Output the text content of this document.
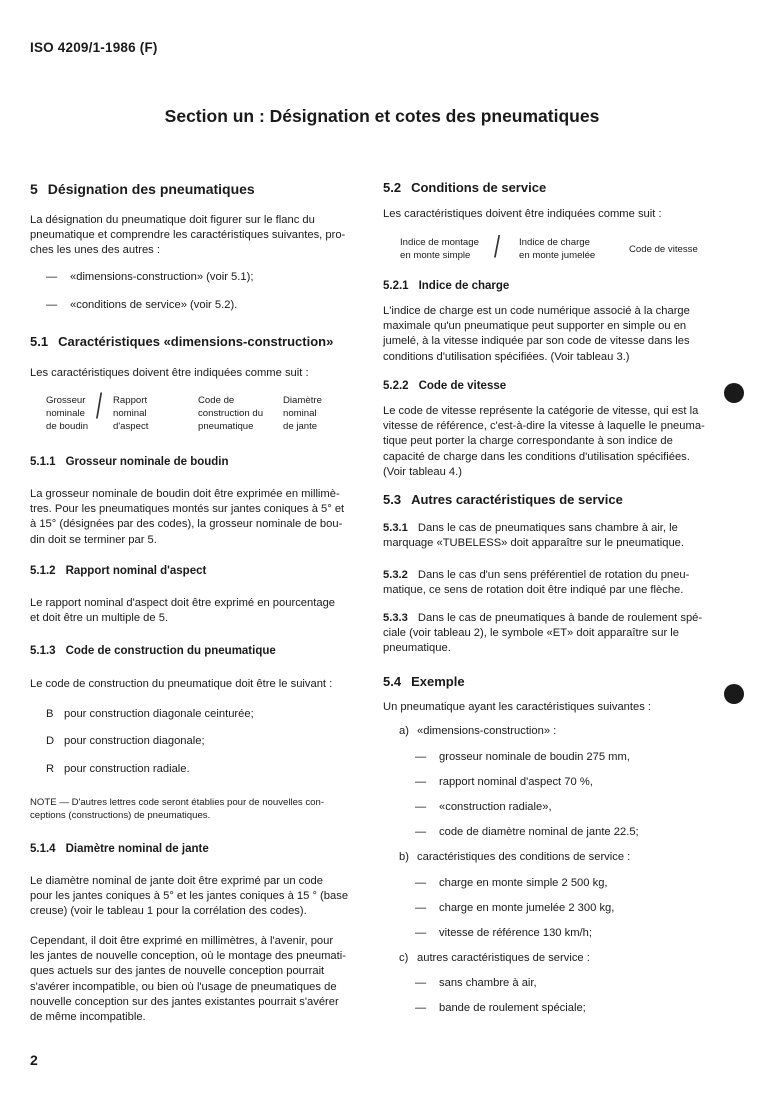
ISO 4209/1-1986 (F)
Section un : Désignation et cotes des pneumatiques
5 Désignation des pneumatiques
La désignation du pneumatique doit figurer sur le flanc du
pneumatique et comprendre les caractéristiques suivantes, pro-
ches les unes des autres :
— «dimensions-construction» (voir 5.1);
— «conditions de service» (voir 5.2).
5.1 Caractéristiques «dimensions-construction»
Les caractéristiques doivent être indiquées comme suit :
Grosseur
nominale
de boudin
/ Rapport
nominal
d'aspect
Code de
construction du
pneumatique
Diamètre
nominal
de jante
5.1.1 Grosseur nominale de boudin
La grosseur nominale de boudin doit être exprimée en millimè-
tres. Pour les pneumatiques montés sur jantes coniques à 5° et
à 15° (désignées par des codes), la grosseur nominale de bou-
din doit se terminer par 5.
5.1.2 Rapport nominal d'aspect
Le rapport nominal d'aspect doit être exprimé en pourcentage
et doit être un multiple de 5.
5.1.3 Code de construction du pneumatique
Le code de construction du pneumatique doit être le suivant :
B pour construction diagonale ceinturée;
D pour construction diagonale;
R pour construction radiale.
NOTE — D'autres lettres code seront établies pour de nouvelles con-
ceptions (constructions) de pneumatiques.
5.1.4 Diamètre nominal de jante
Le diamètre nominal de jante doit être exprimé par un code
pour les jantes coniques à 5° et les jantes coniques à 15 ° (base
creuse) (voir le tableau 1 pour la corrélation des codes).
Cependant, il doit être exprimé en millimètres, à l'avenir, pour
les jantes de nouvelle conception, où le montage des pneumati-
ques actuels sur des jantes de nouvelle conception pourrait
s'avérer incompatible, ou bien où l'usage de pneumatiques de
nouvelle conception sur des jantes existantes pourrait s'avérer
de même incompatible.
5.2 Conditions de service
Les caractéristiques doivent être indiquées comme suit :
Indice de montage
en monte simple	/ Indice de charge
en monte jumelée
Code de vitesse
5.2.1 Indice de charge
L'indice de charge est un code numérique associé à la charge
maximale qu'un pneumatique peut supporter en simple ou en
jumelé, à la vitesse indiquée par son code de vitesse dans les
conditions d'utilisation spécifiées. (Voir tableau 3.)
5.2.2 Code de vitesse
Le code de vitesse représente la catégorie de vitesse, qui est la
vitesse de référence, c'est-à-dire la vitesse à laquelle le pneuma-
tique peut porter la charge correspondante à son indice de
capacité de charge dans les conditions d'utilisation spécifiées.
(Voir tableau 4.)
5.3 Autres caractéristiques de service
5.3.1 Dans le cas de pneumatiques sans chambre à air, le
marquage «TUBELESS» doit apparaître sur le pneumatique.
5.3.2 Dans le cas d'un sens préférentiel de rotation du pneu-
matique, ce sens de rotation doit être indiqué par une flèche.
5.3.3 Dans le cas de pneumatiques à bande de roulement spé-
ciale (voir tableau 2), le symbole «ET» doit apparaître sur le
pneumatique.
5.4 Exemple
Un pneumatique ayant les caractéristiques suivantes :
a) «dimensions-construction» :
— grosseur nominale de boudin 275 mm,
— rapport nominal d'aspect 70 %,
— «construction radiale»,
— code de diamètre nominal de jante 22.5;
b) caractéristiques des conditions de service :
— charge en monte simple 2 500 kg,
— charge en monte jumelée 2 300 kg,
— vitesse de référence 130 km/h;
c) autres caractéristiques de service :
— sans chambre à air,
— bande de roulement spéciale;
2
